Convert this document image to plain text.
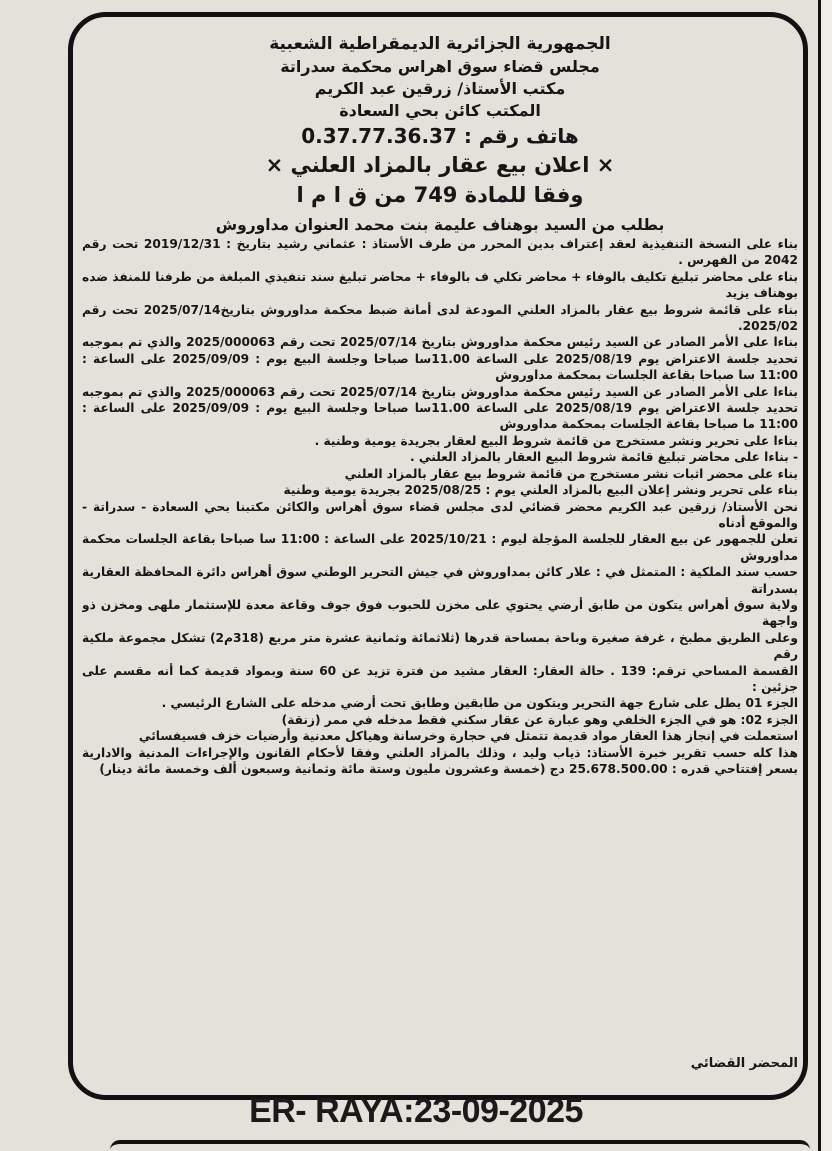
الجمهورية الجزائرية الديمقراطية الشعبية

مجلس قضاء سوق اهراس محكمة سدراتة

مكتب الأستاذ/ زرقين عبد الكريم

المكتب كائن بحي السعادة

هاتف رقم : 0.37.77.36.37

× اعلان بيع عقار بالمزاد العلني ×

وفقا للمادة 749 من ق ا م ا

بطلب من السيد بوهناف عليمة بنت محمد العنوان مداوروش

بناء على النسخة التنفيذية لعقد إعتراف بدين المحرر من طرف الأستاذ : عثماني رشيد بتاريخ : 2019/12/31 تحت رقم 2042 من الفهرس .

بناء على محاضر تبليغ تكليف بالوفاء + محاضر تكلي ف بالوفاء + محاضر تبليغ سند تنفيذي المبلغة من طرفنا للمنفذ ضده بوهناف يزيد

بناء على قائمة شروط بيع عقار بالمزاد العلني المودعة لدى أمانة ضبط محكمة مداوروش بتاريخ2025/07/14 تحت رقم 2025/02.

بناءا على الأمر الصادر عن السيد رئيس محكمة مداوروش بتاريخ 2025/07/14 تحت رقم 2025/000063 والذي تم بموجبه تحديد جلسة الاعتراض يوم 2025/08/19 على الساعة 11.00سا صباحا وجلسة البيع يوم : 2025/09/09 على الساعة : 11:00 سا صباحا بقاعة الجلسات بمحكمة مداوروش

بناءا على الأمر الصادر عن السيد رئيس محكمة مداوروش بتاريخ 2025/07/14 تحت رقم 2025/000063 والذي تم بموجبه تحديد جلسة الاعتراض يوم 2025/08/19 على الساعة 11.00سا صباحا وجلسة البيع يوم : 2025/09/09 على الساعة : 11:00 ما صباحا بقاعة الجلسات بمحكمة مداوروش

بناءا على تحرير ونشر مستخرج من قائمة شروط البيع لعقار بجريدة يومية وطنية .

- بناءا على محاضر تبليغ قائمة شروط البيع العقار بالمزاد العلني .

بناء على محضر اثبات نشر مستخرج من قائمة شروط بيع عقار بالمزاد العلني

بناء على تحرير ونشر إعلان البيع بالمزاد العلني يوم : 2025/08/25 بجريدة يومية وطنية

نحن الأستاذ/ زرقين عبد الكريم محضر قضائي لدى مجلس قضاء سوق أهراس والكائن مكتبنا بحي السعادة - سدراتة - والموقع أدناه

تعلن للجمهور عن بيع العقار للجلسة المؤجلة ليوم : 2025/10/21 على الساعة : 11:00 سا صباحا بقاعة الجلسات محكمة مداوروش

حسب سند الملكية : المتمثل في : علار كائن بمداوروش في جيش التحرير الوطني سوق أهراس دائرة المحافظة العقارية بسدراتة

ولاية سوق أهراس يتكون من طابق أرضي يحتوي على مخزن للحبوب فوق جوف وقاعة معدة للإستثمار ملهى ومخزن ذو واجهة

وعلى الطريق مطبخ ، غرفة صغيرة وباحة بمساحة قدرها (ثلاثمائة وثمانية عشرة متر مربع (318م2) تشكل مجموعة ملكية رقم

القسمة المساحي ترقم: 139 . حالة العقار: العقار مشيد من فترة تزيد عن 60 سنة وبمواد قديمة كما أنه مقسم على جزئين :

الجزء 01 يطل على شارع جهة التحرير ويتكون من طابقين وطابق تحت أرضي مدخله على الشارع الرئيسي .

الجزء 02: هو في الجزء الخلفي وهو عبارة عن عقار سكني فقط مدخله في ممر (زنقة)

استعملت في إنجاز هذا العقار مواد قديمة تتمثل في حجارة وخرسانة وهياكل معدنية وأرضيات خزف فسيفسائي

هذا كله حسب تقرير خبرة الأستاذ: ذياب وليد ، وذلك بالمزاد العلني وفقا لأحكام القانون والإجراءات المدنية والادارية بسعر إفتتاحي قدره : 25.678.500.00 دج (خمسة وعشرون مليون وستة مائة وثمانية وسبعون ألف وخمسة مائة دينار)

المحضر القضائي
ER- RAYA:23-09-2025
